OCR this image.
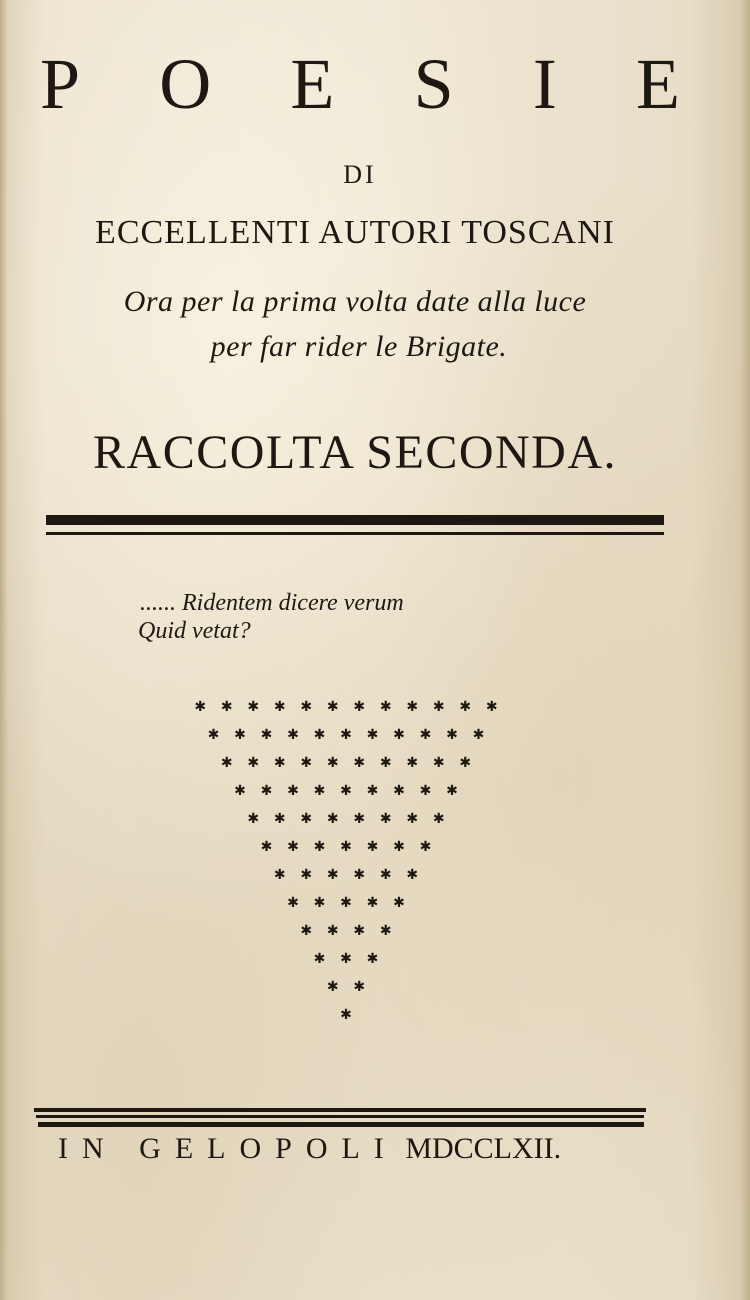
P O E S I E
DI
ECCELLENTI AUTORI TOSCANI
Ora per la prima volta date alla luce
per far rider le Brigate.
RACCOLTA SECONDA.
...... Ridentem dicere verum
Quid vetat?
✱ ✱ ✱ ✱ ✱ ✱ ✱ ✱ ✱ ✱ ✱ ✱
✱ ✱ ✱ ✱ ✱ ✱ ✱ ✱ ✱ ✱ ✱
✱ ✱ ✱ ✱ ✱ ✱ ✱ ✱ ✱ ✱
✱ ✱ ✱ ✱ ✱ ✱ ✱ ✱ ✱
✱ ✱ ✱ ✱ ✱ ✱ ✱ ✱
✱ ✱ ✱ ✱ ✱ ✱ ✱
✱ ✱ ✱ ✱ ✱ ✱
✱ ✱ ✱ ✱ ✱
✱ ✱ ✱ ✱
✱ ✱ ✱
✱ ✱
✱
IN GELOPOLI MDCCLXII.
